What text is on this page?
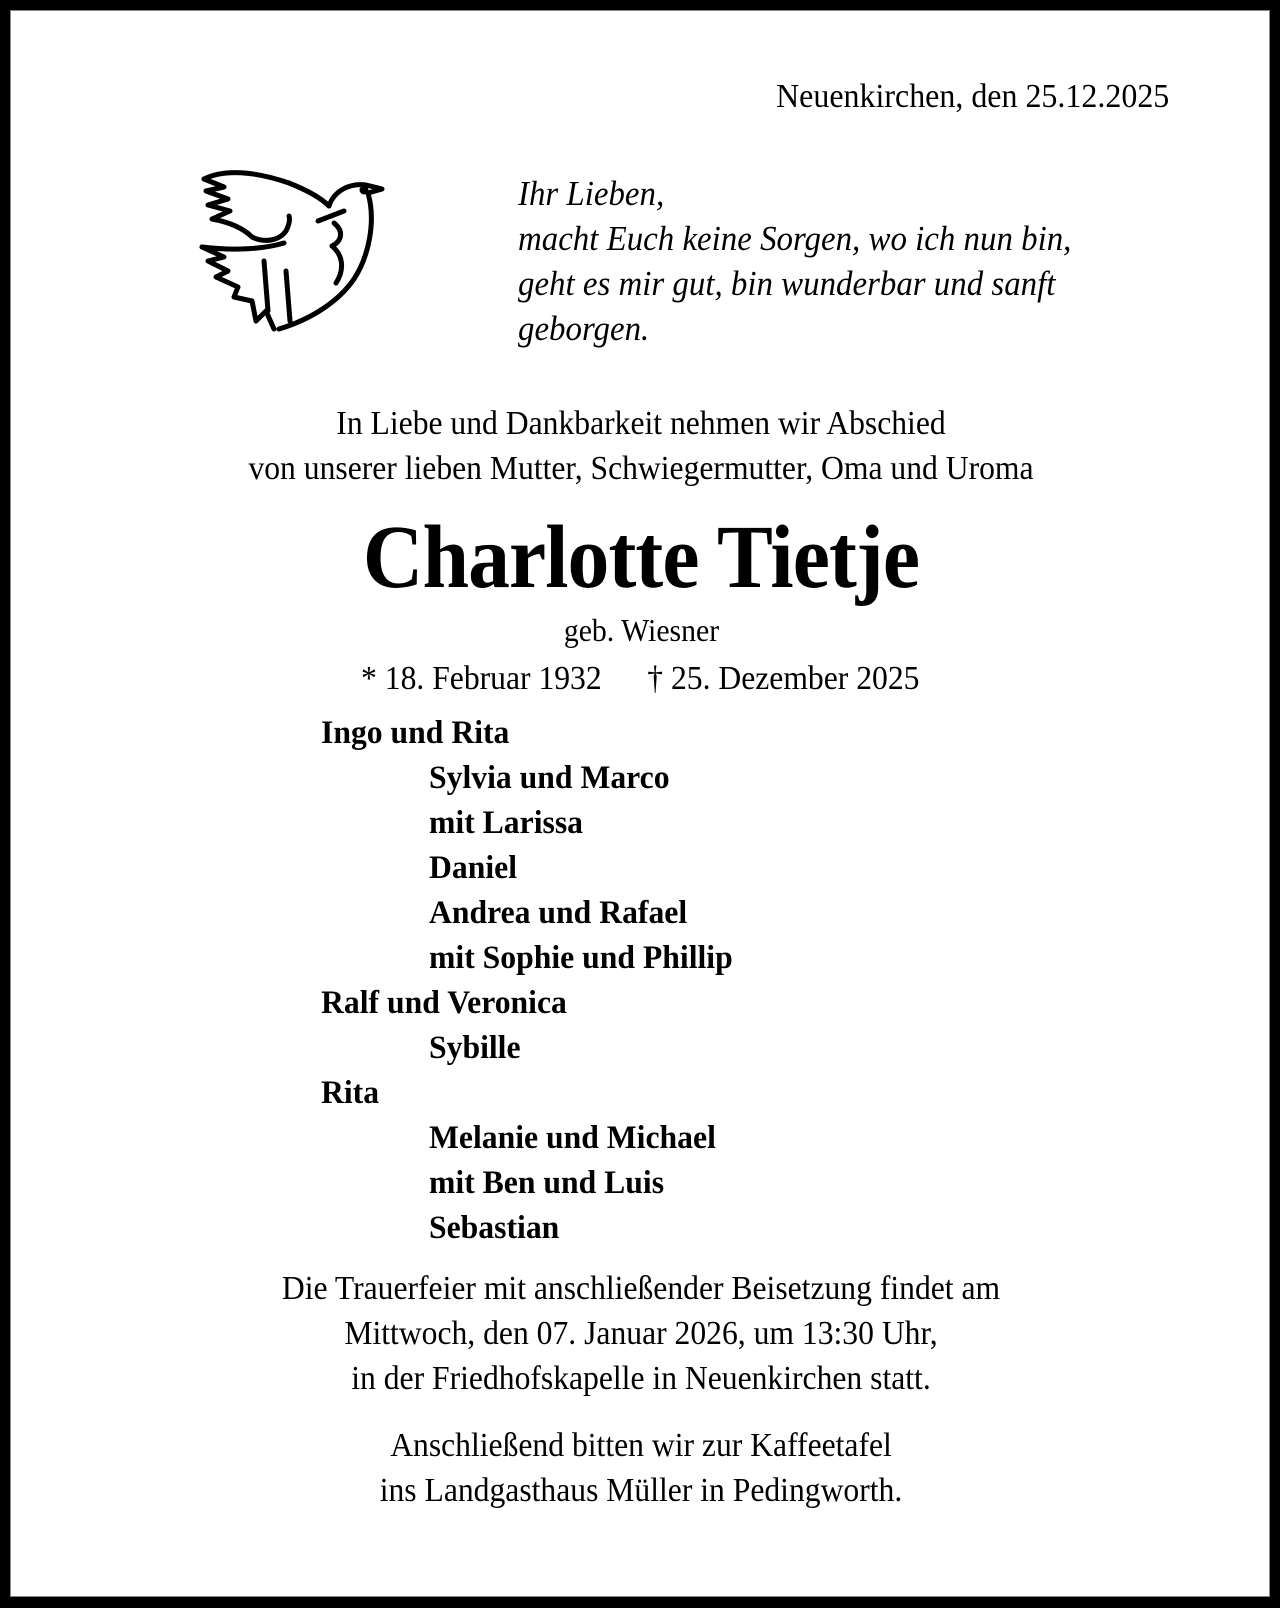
Neuenkirchen, den 25.12.2025
Ihr Lieben,
macht Euch keine Sorgen, wo ich nun bin,
geht es mir gut, bin wunderbar und sanft
geborgen.
In Liebe und Dankbarkeit nehmen wir Abschied
von unserer lieben Mutter, Schwiegermutter, Oma und Uroma
Charlotte Tietje
geb. Wiesner
* 18. Februar 1932 † 25. Dezember 2025
Ingo und Rita
Sylvia und Marco
mit Larissa
Daniel
Andrea und Rafael
mit Sophie und Phillip
Ralf und Veronica
Sybille
Rita
Melanie und Michael
mit Ben und Luis
Sebastian
Die Trauerfeier mit anschließender Beisetzung findet am
Mittwoch, den 07. Januar 2026, um 13:30 Uhr,
in der Friedhofskapelle in Neuenkirchen statt.
Anschließend bitten wir zur Kaffeetafel
ins Landgasthaus Müller in Pedingworth.
